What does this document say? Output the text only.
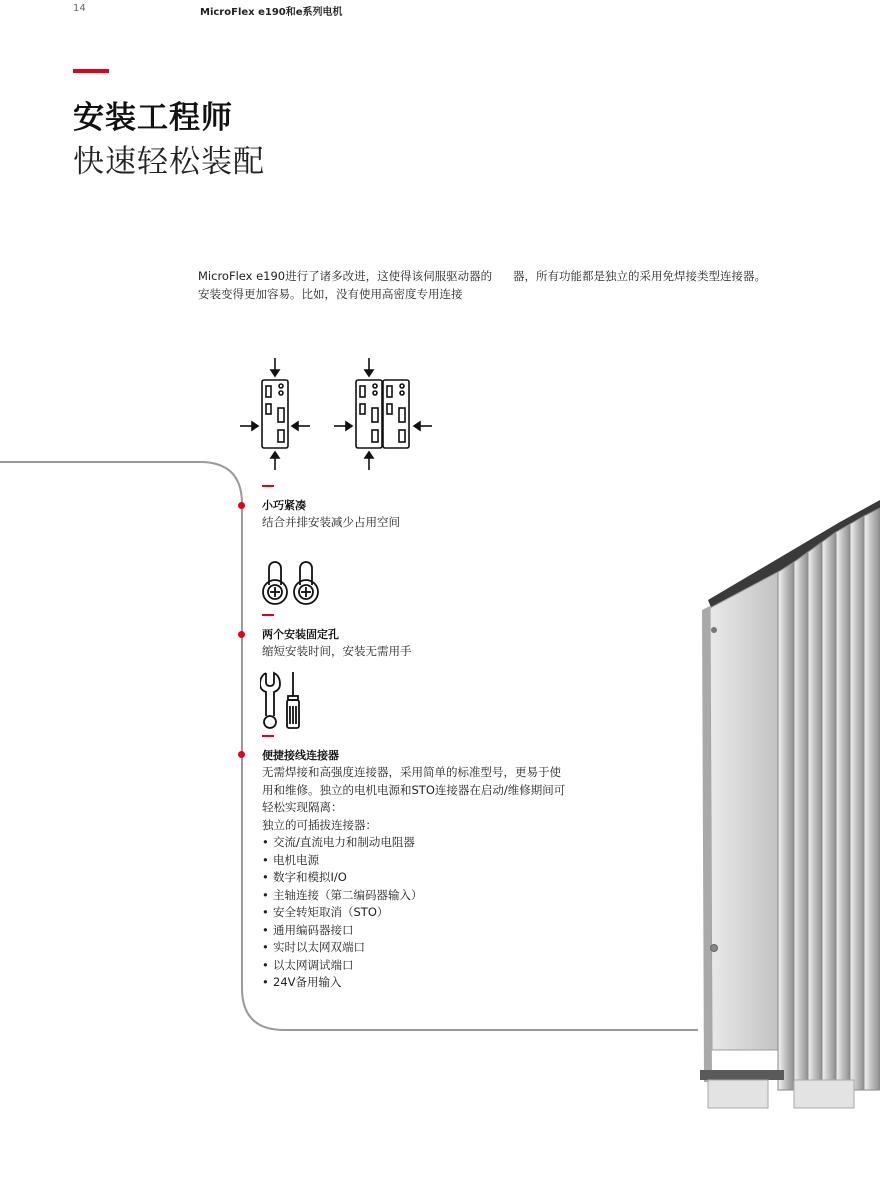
14	MicroFlex e190和e系列电机
安装工程师
快速轻松装配
MicroFlex e190进行了诸多改进，这使得该伺服驱动器的安装变得更加容易。比如，没有使用高密度专用连接
器，所有功能都是独立的采用免焊接类型连接器。
小巧紧凑
结合并排安装减少占用空间
两个安装固定孔
缩短安装时间，安装无需用手
便捷接线连接器
无需焊接和高强度连接器，采用简单的标准型号，更易于使用和维修。独立的电机电源和STO连接器在启动/维修期间可轻松实现隔离：
独立的可插拔连接器：
• 交流/直流电力和制动电阻器
• 电机电源
• 数字和模拟I/O
• 主轴连接（第二编码器输入）
• 安全转矩取消（STO）
• 通用编码器接口
• 实时以太网双端口
• 以太网调试端口
• 24V备用输入
